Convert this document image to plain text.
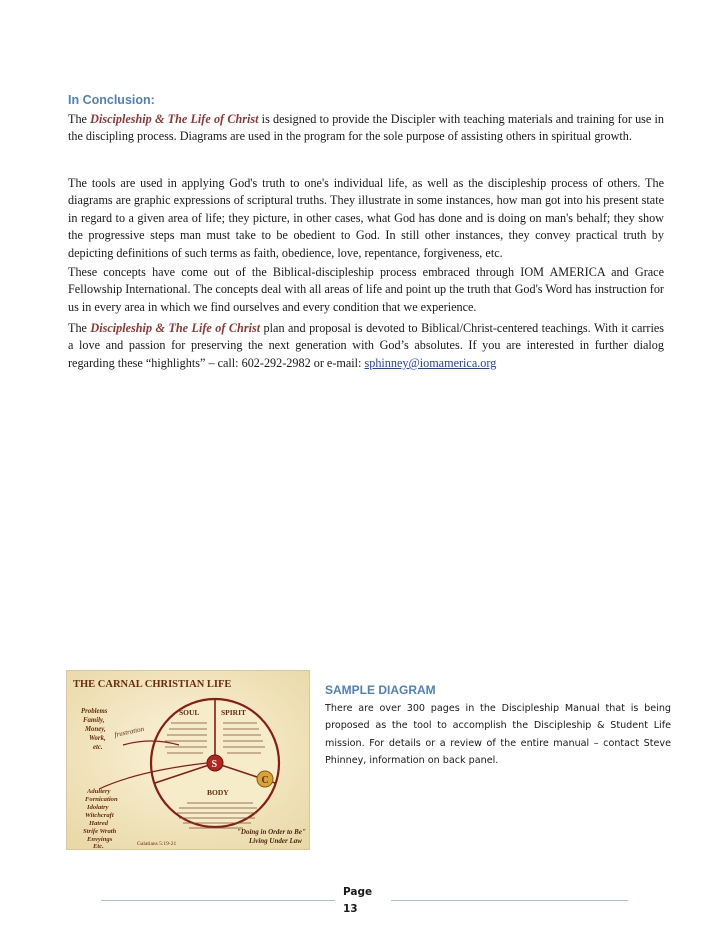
In Conclusion:

The Discipleship & The Life of Christ is designed to provide the Discipler with teaching materials and training for use in the discipling process. Diagrams are used in the program for the sole purpose of assisting others in spiritual growth.

The tools are used in applying God's truth to one's individual life, as well as the discipleship process of others. The diagrams are graphic expressions of scriptural truths. They illustrate in some instances, how man got into his present state in regard to a given area of life; they picture, in other cases, what God has done and is doing on man's behalf; they show the progressive steps man must take to be obedient to God. In still other instances, they convey practical truth by depicting definitions of such terms as faith, obedience, love, repentance, forgiveness, etc.

These concepts have come out of the Biblical-discipleship process embraced through IOM AMERICA and Grace Fellowship International. The concepts deal with all areas of life and point up the truth that God's Word has instruction for us in every area in which we find ourselves and every condition that we experience.

The Discipleship & The Life of Christ plan and proposal is devoted to Biblical/Christ-centered teachings. With it carries a love and passion for preserving the next generation with God’s absolutes. If you are interested in further dialog regarding these “highlights” – call: 602-292-2982 or e-mail: sphinney@iomamerica.org

THE CARNAL CHRISTIAN LIFE
SOUL	SPIRIT
BODY
S
C
frustration
Problems
Family,
Money,
Work,
etc.
Adultery
Fornication
Idolatry
Witchcraft
Hatred
Strife Wrath
Envyings
Etc.	Galatians 5:19-21
"Doing in Order to Be"
Living Under Law
SAMPLE DIAGRAM

There are over 300 pages in the Discipleship Manual that is being proposed as the tool to accomplish the Discipleship & Student Life mission. For details or a review of the entire manual – contact Steve Phinney, information on back panel.

Page
13
